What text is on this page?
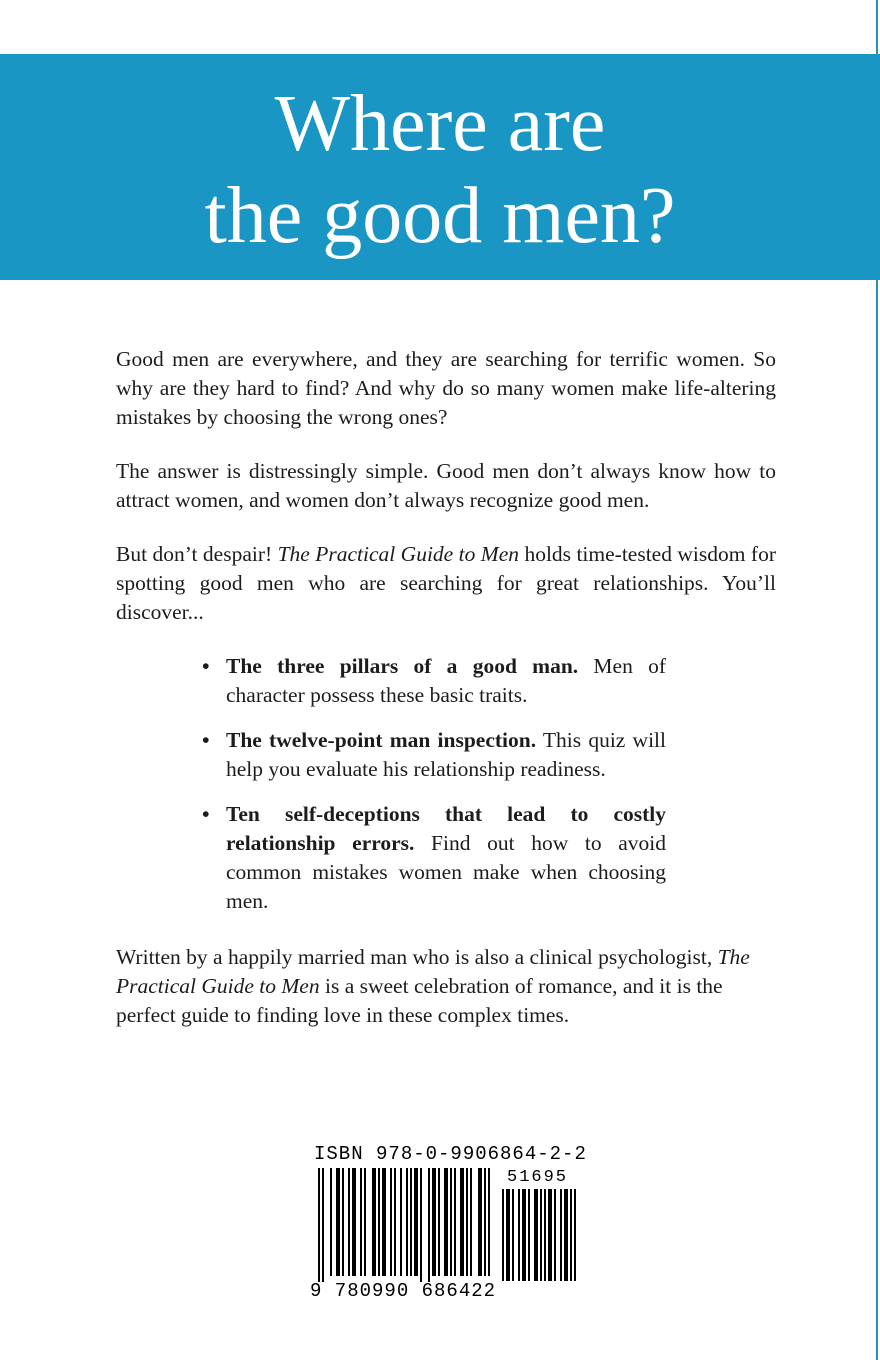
Where are
the good men?

Good men are everywhere, and they are searching for terrific women. So why are they hard to find? And why do so many women make life-altering mistakes by choosing the wrong ones?

The answer is distressingly simple. Good men don’t always know how to attract women, and women don’t always recognize good men.

But don’t despair! The Practical Guide to Men holds time-tested wisdom for spotting good men who are searching for great relationships. You’ll discover...

• The three pillars of a good man. Men of character possess these basic traits.
• The twelve-point man inspection. This quiz will help you evaluate his relationship readiness.
• Ten self-deceptions that lead to costly relationship errors. Find out how to avoid common mistakes women make when choosing men.

Written by a happily married man who is also a clinical psychologist, The Practical Guide to Men is a sweet celebration of romance, and it is the perfect guide to finding love in these complex times.

ISBN 978-0-9906864-2-2
51695
9 780990 686422
